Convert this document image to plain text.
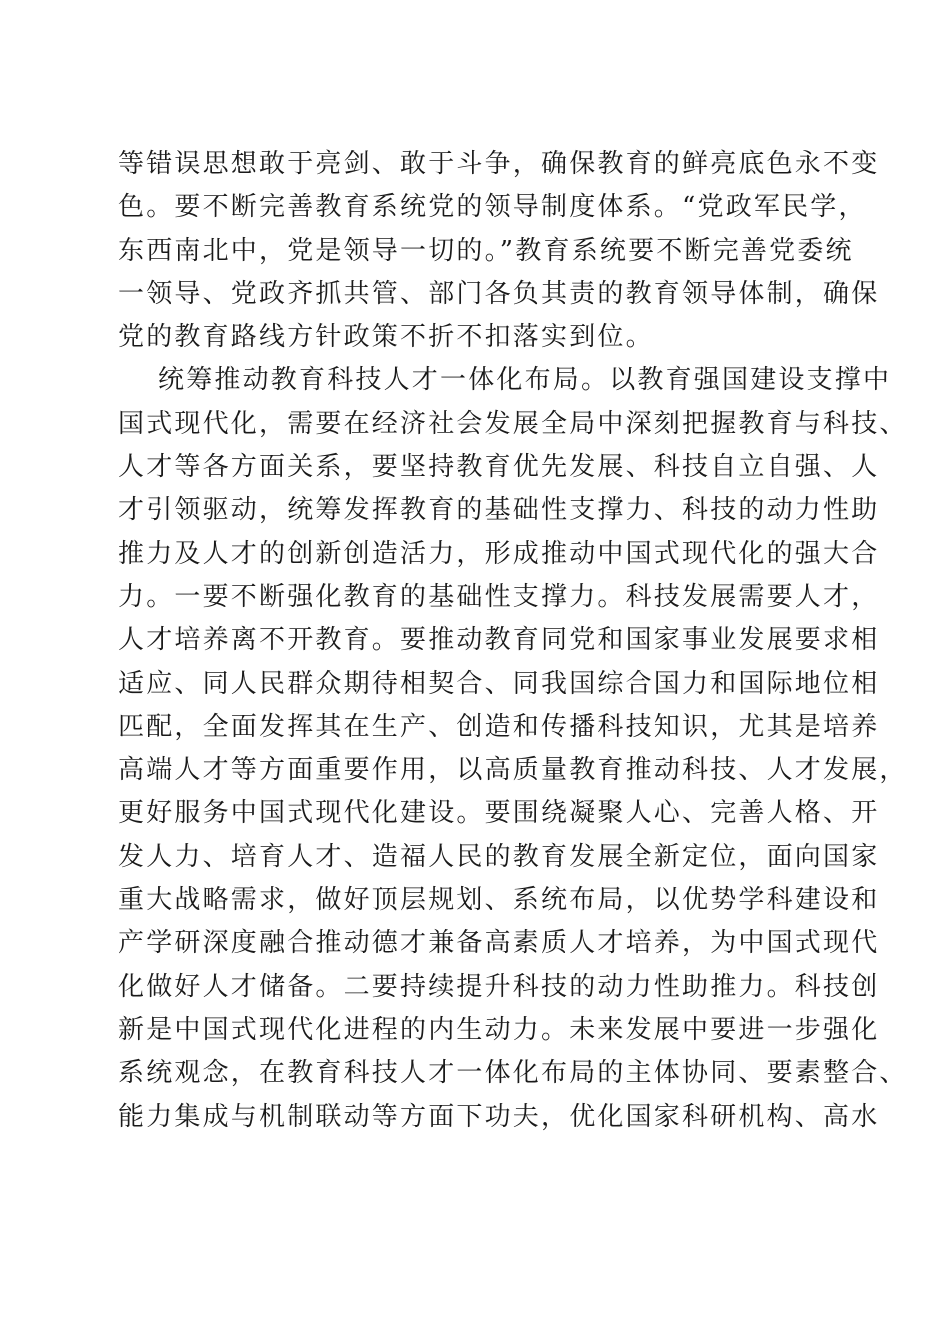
等错误思想敢于亮剑、敢于斗争，确保教育的鲜亮底色永不变
色。要不断完善教育系统党的领导制度体系。“党政军民学，
东西南北中，党是领导一切的。”教育系统要不断完善党委统
一领导、党政齐抓共管、部门各负其责的教育领导体制，确保
党的教育路线方针政策不折不扣落实到位。
统筹推动教育科技人才一体化布局。以教育强国建设支撑中
国式现代化，需要在经济社会发展全局中深刻把握教育与科技、
人才等各方面关系，要坚持教育优先发展、科技自立自强、人
才引领驱动，统筹发挥教育的基础性支撑力、科技的动力性助
推力及人才的创新创造活力，形成推动中国式现代化的强大合
力。一要不断强化教育的基础性支撑力。科技发展需要人才，
人才培养离不开教育。要推动教育同党和国家事业发展要求相
适应、同人民群众期待相契合、同我国综合国力和国际地位相
匹配，全面发挥其在生产、创造和传播科技知识，尤其是培养
高端人才等方面重要作用，以高质量教育推动科技、人才发展，
更好服务中国式现代化建设。要围绕凝聚人心、完善人格、开
发人力、培育人才、造福人民的教育发展全新定位，面向国家
重大战略需求，做好顶层规划、系统布局，以优势学科建设和
产学研深度融合推动德才兼备高素质人才培养，为中国式现代
化做好人才储备。二要持续提升科技的动力性助推力。科技创
新是中国式现代化进程的内生动力。未来发展中要进一步强化
系统观念，在教育科技人才一体化布局的主体协同、要素整合、
能力集成与机制联动等方面下功夫，优化国家科研机构、高水
